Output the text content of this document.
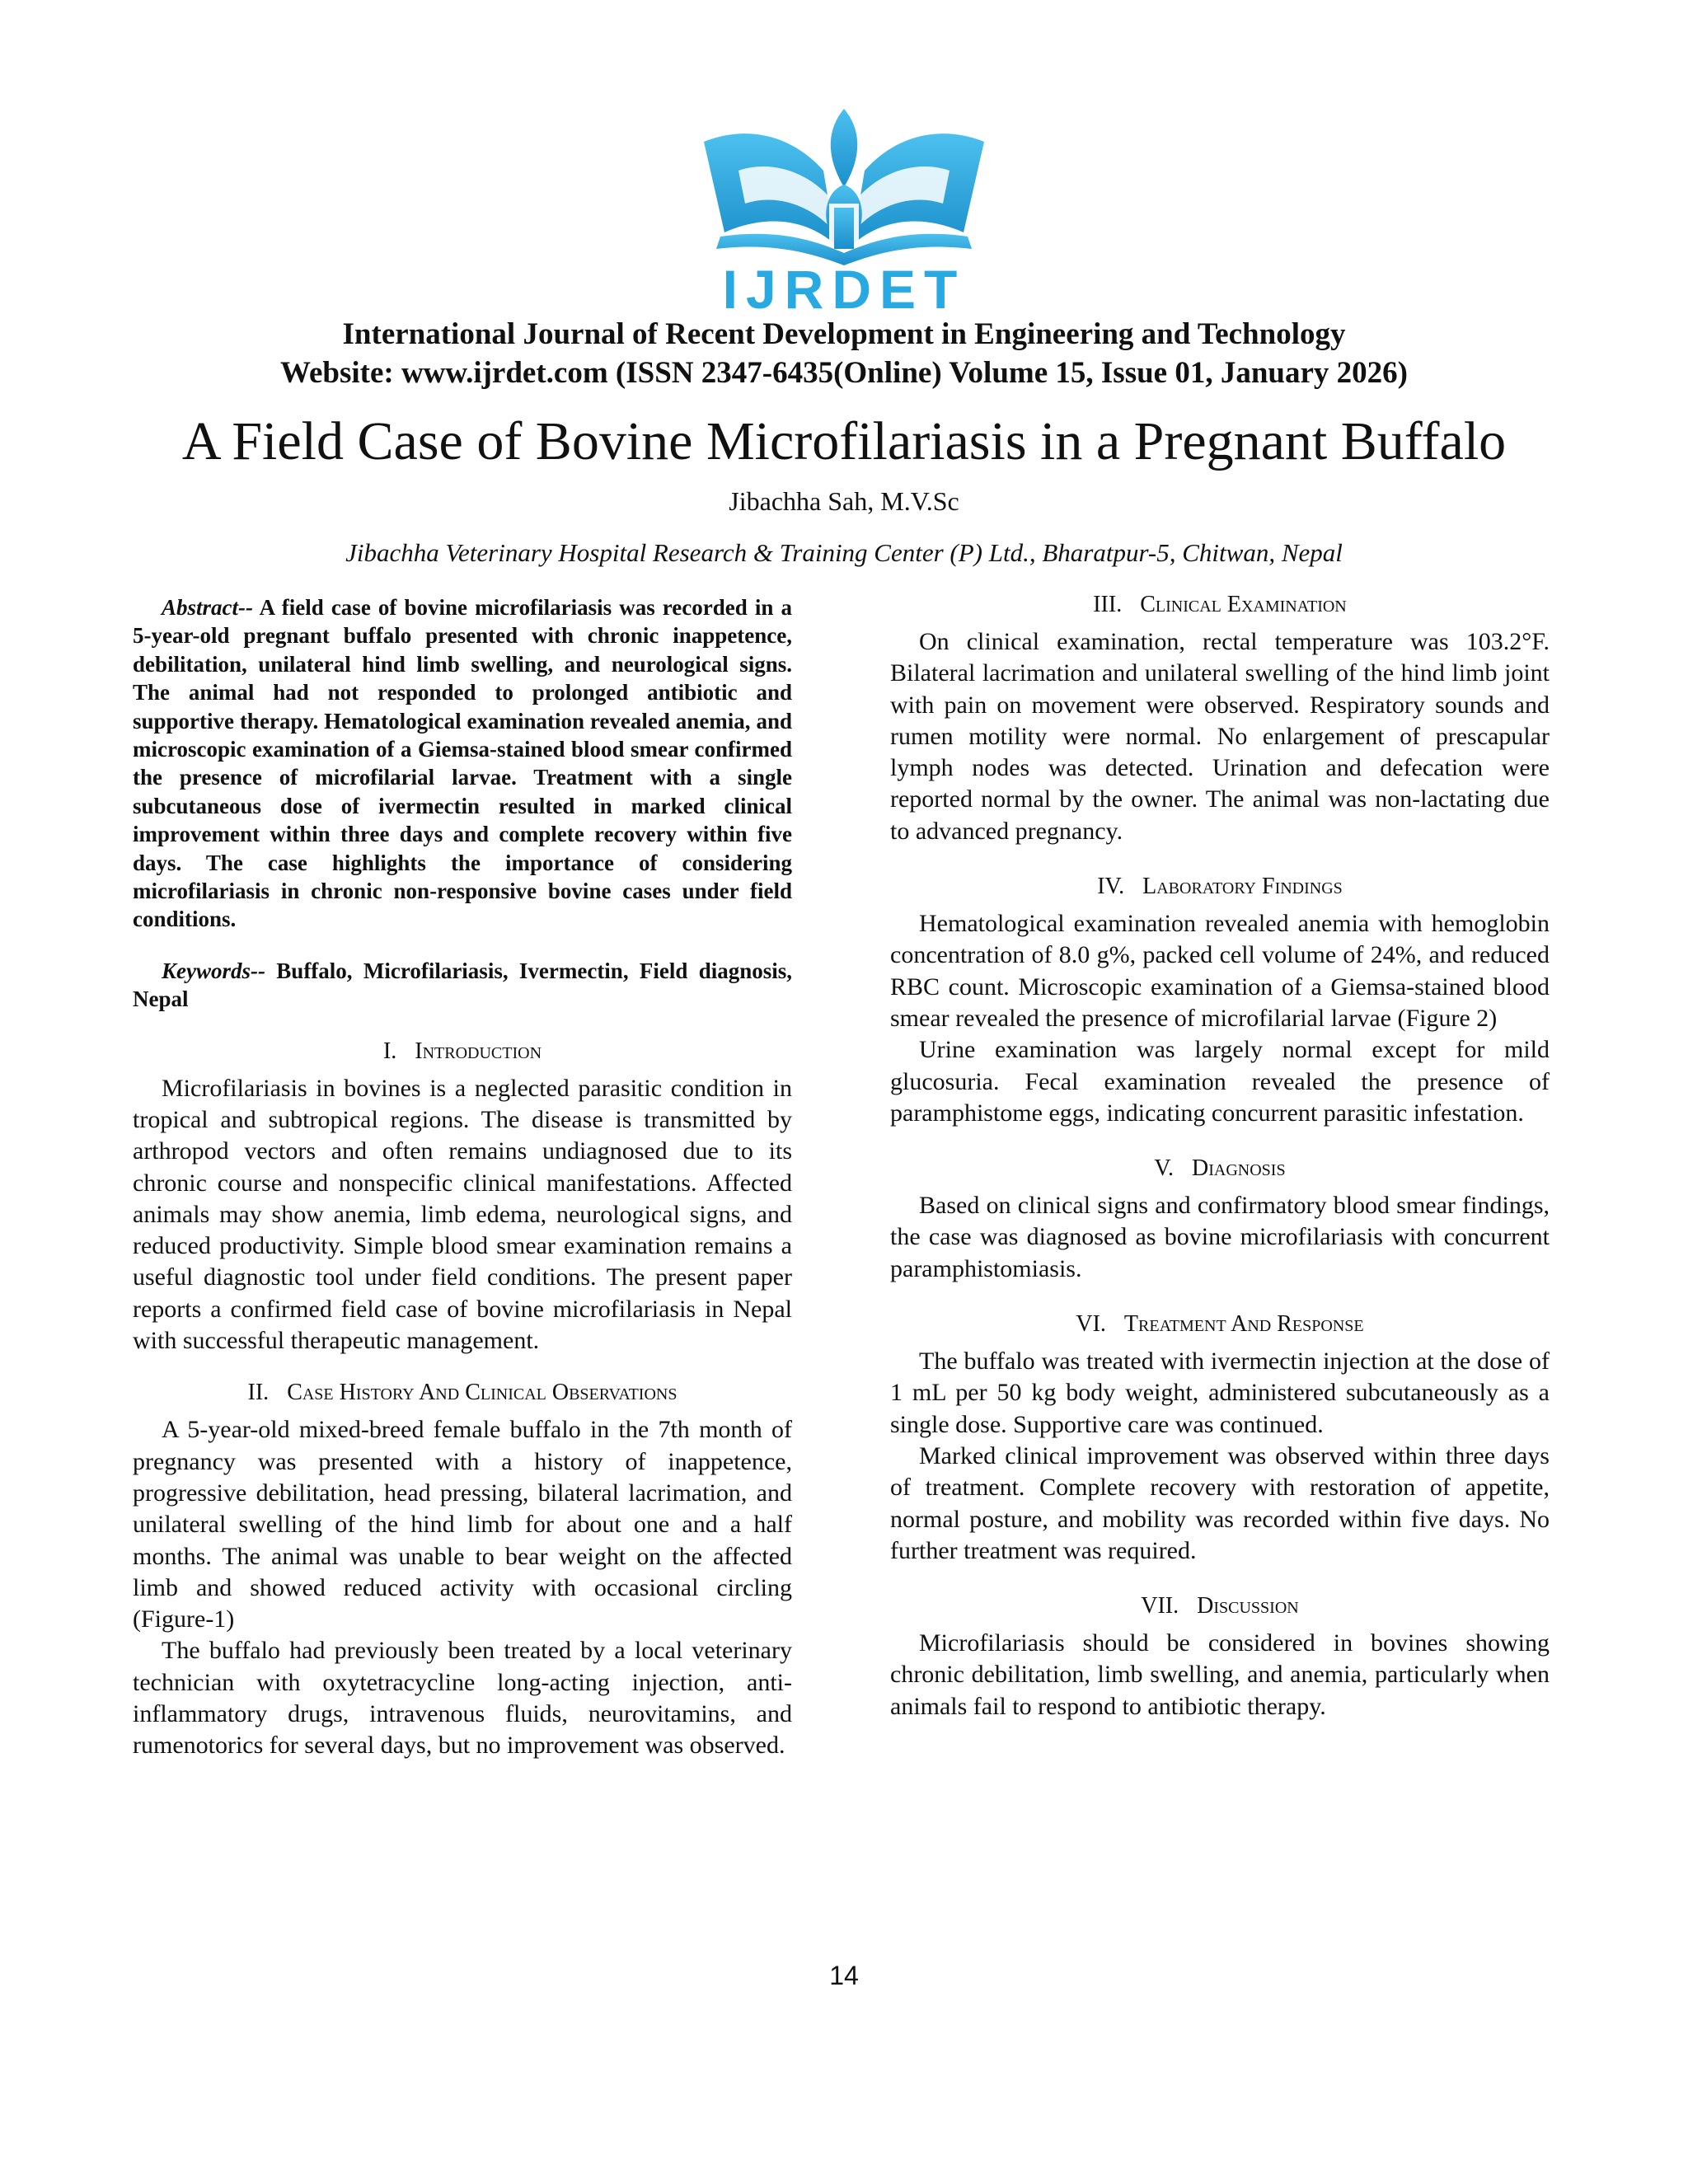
IJRDET
International Journal of Recent Development in Engineering and Technology
Website: www.ijrdet.com (ISSN 2347-6435(Online) Volume 15, Issue 01, January 2026)
A Field Case of Bovine Microfilariasis in a Pregnant Buffalo
Jibachha Sah, M.V.Sc
Jibachha Veterinary Hospital Research & Training Center (P) Ltd., Bharatpur-5, Chitwan, Nepal

Abstract-- A field case of bovine microfilariasis was recorded in a 5-year-old pregnant buffalo presented with chronic inappetence, debilitation, unilateral hind limb swelling, and neurological signs. The animal had not responded to prolonged antibiotic and supportive therapy. Hematological examination revealed anemia, and microscopic examination of a Giemsa-stained blood smear confirmed the presence of microfilarial larvae. Treatment with a single subcutaneous dose of ivermectin resulted in marked clinical improvement within three days and complete recovery within five days. The case highlights the importance of considering microfilariasis in chronic non-responsive bovine cases under field conditions.

Keywords-- Buffalo, Microfilariasis, Ivermectin, Field diagnosis, Nepal

I. Introduction

Microfilariasis in bovines is a neglected parasitic condition in tropical and subtropical regions. The disease is transmitted by arthropod vectors and often remains undiagnosed due to its chronic course and nonspecific clinical manifestations. Affected animals may show anemia, limb edema, neurological signs, and reduced productivity. Simple blood smear examination remains a useful diagnostic tool under field conditions. The present paper reports a confirmed field case of bovine microfilariasis in Nepal with successful therapeutic management.

II. Case History And Clinical Observations

A 5-year-old mixed-breed female buffalo in the 7th month of pregnancy was presented with a history of inappetence, progressive debilitation, head pressing, bilateral lacrimation, and unilateral swelling of the hind limb for about one and a half months. The animal was unable to bear weight on the affected limb and showed reduced activity with occasional circling (Figure-1)

The buffalo had previously been treated by a local veterinary technician with oxytetracycline long-acting injection, anti-inflammatory drugs, intravenous fluids, neurovitamins, and rumenotorics for several days, but no improvement was observed.

III. Clinical Examination

On clinical examination, rectal temperature was 103.2°F. Bilateral lacrimation and unilateral swelling of the hind limb joint with pain on movement were observed. Respiratory sounds and rumen motility were normal. No enlargement of prescapular lymph nodes was detected. Urination and defecation were reported normal by the owner. The animal was non-lactating due to advanced pregnancy.

IV. Laboratory Findings

Hematological examination revealed anemia with hemoglobin concentration of 8.0 g%, packed cell volume of 24%, and reduced RBC count. Microscopic examination of a Giemsa-stained blood smear revealed the presence of microfilarial larvae (Figure 2)

Urine examination was largely normal except for mild glucosuria. Fecal examination revealed the presence of paramphistome eggs, indicating concurrent parasitic infestation.

V. Diagnosis

Based on clinical signs and confirmatory blood smear findings, the case was diagnosed as bovine microfilariasis with concurrent paramphistomiasis.

VI. Treatment And Response

The buffalo was treated with ivermectin injection at the dose of 1 mL per 50 kg body weight, administered subcutaneously as a single dose. Supportive care was continued.

Marked clinical improvement was observed within three days of treatment. Complete recovery with restoration of appetite, normal posture, and mobility was recorded within five days. No further treatment was required.

VII. Discussion

Microfilariasis should be considered in bovines showing chronic debilitation, limb swelling, and anemia, particularly when animals fail to respond to antibiotic therapy.

14
